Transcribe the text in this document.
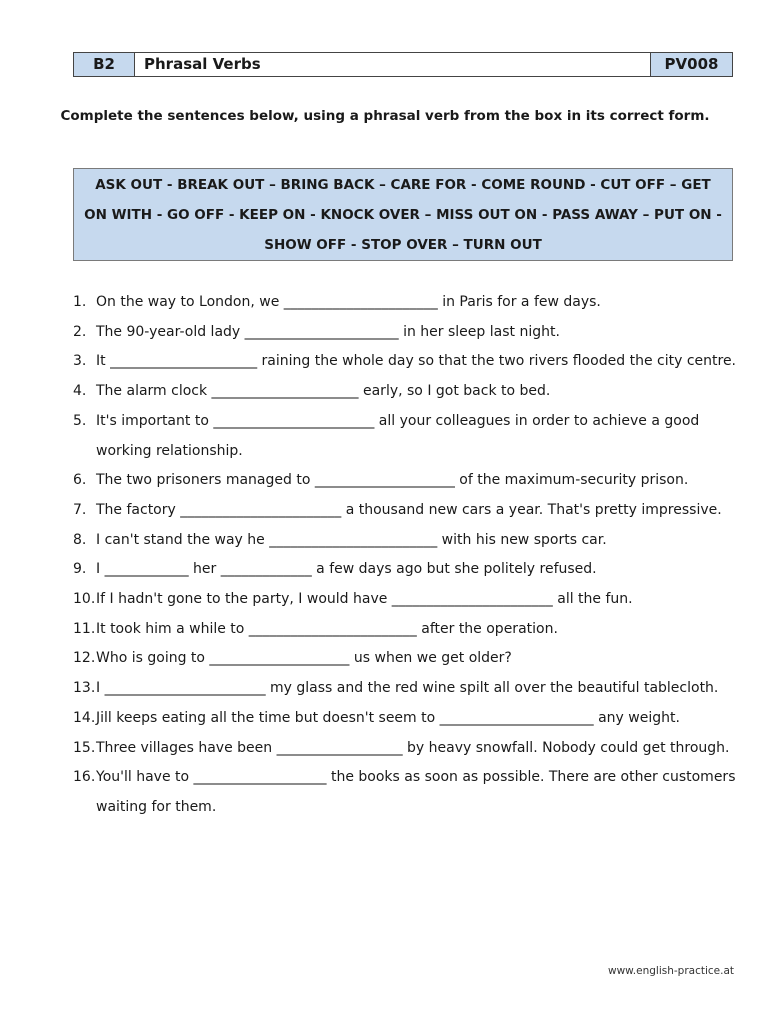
B2	Phrasal Verbs	PV008
Complete the sentences below, using a phrasal verb from the box in its correct form.

ASK OUT - BREAK OUT – BRING BACK – CARE FOR - COME ROUND - CUT OFF – GET ON WITH - GO OFF - KEEP ON - KNOCK OVER – MISS OUT ON - PASS AWAY – PUT ON - SHOW OFF - STOP OVER – TURN OUT

1. On the way to London, we ______________________ in Paris for a few days.
2. The 90-year-old lady ______________________ in her sleep last night.
3. It _____________________ raining the whole day so that the two rivers flooded the city centre.
4. The alarm clock _____________________ early, so I got back to bed.
5. It's important to _______________________ all your colleagues in order to achieve a good working relationship.
6. The two prisoners managed to ____________________ of the maximum-security prison.
7. The factory _______________________ a thousand new cars a year. That's pretty impressive.
8. I can't stand the way he ________________________ with his new sports car.
9. I ____________ her _____________ a few days ago but she politely refused.
10. If I hadn't gone to the party, I would have _______________________ all the fun.
11. It took him a while to ________________________ after the operation.
12. Who is going to ____________________ us when we get older?
13. I _______________________ my glass and the red wine spilt all over the beautiful tablecloth.
14. Jill keeps eating all the time but doesn't seem to ______________________ any weight.
15. Three villages have been __________________ by heavy snowfall. Nobody could get through.
16. You'll have to ___________________ the books as soon as possible. There are other customers waiting for them.
www.english-practice.at
